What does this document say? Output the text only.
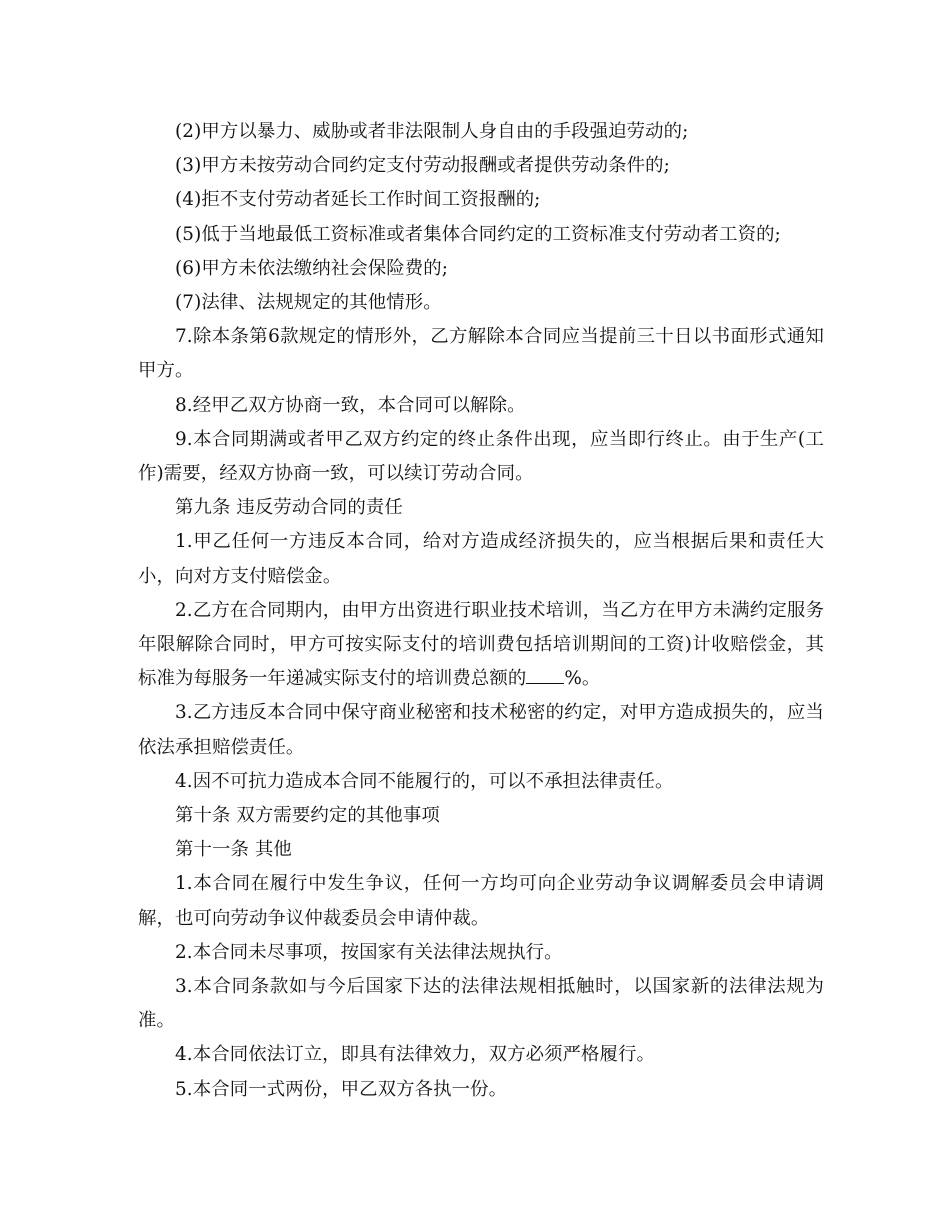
(2)甲方以暴力、威胁或者非法限制人身自由的手段强迫劳动的;

(3)甲方未按劳动合同约定支付劳动报酬或者提供劳动条件的;

(4)拒不支付劳动者延长工作时间工资报酬的;

(5)低于当地最低工资标准或者集体合同约定的工资标准支付劳动者工资的;

(6)甲方未依法缴纳社会保险费的;

(7)法律、法规规定的其他情形。

7.除本条第6款规定的情形外，乙方解除本合同应当提前三十日以书面形式通知甲方。

8.经甲乙双方协商一致，本合同可以解除。

9.本合同期满或者甲乙双方约定的终止条件出现，应当即行终止。由于生产(工作)需要，经双方协商一致，可以续订劳动合同。

第九条 违反劳动合同的责任

1.甲乙任何一方违反本合同，给对方造成经济损失的，应当根据后果和责任大小，向对方支付赔偿金。

2.乙方在合同期内，由甲方出资进行职业技术培训，当乙方在甲方未满约定服务年限解除合同时，甲方可按实际支付的培训费包括培训期间的工资)计收赔偿金，其标准为每服务一年递减实际支付的培训费总额的 %。

3.乙方违反本合同中保守商业秘密和技术秘密的约定，对甲方造成损失的，应当依法承担赔偿责任。

4.因不可抗力造成本合同不能履行的，可以不承担法律责任。

第十条 双方需要约定的其他事项

第十一条 其他

1.本合同在履行中发生争议，任何一方均可向企业劳动争议调解委员会申请调解，也可向劳动争议仲裁委员会申请仲裁。

2.本合同未尽事项，按国家有关法律法规执行。

3.本合同条款如与今后国家下达的法律法规相抵触时，以国家新的法律法规为准。

4.本合同依法订立，即具有法律效力，双方必须严格履行。

5.本合同一式两份，甲乙双方各执一份。
